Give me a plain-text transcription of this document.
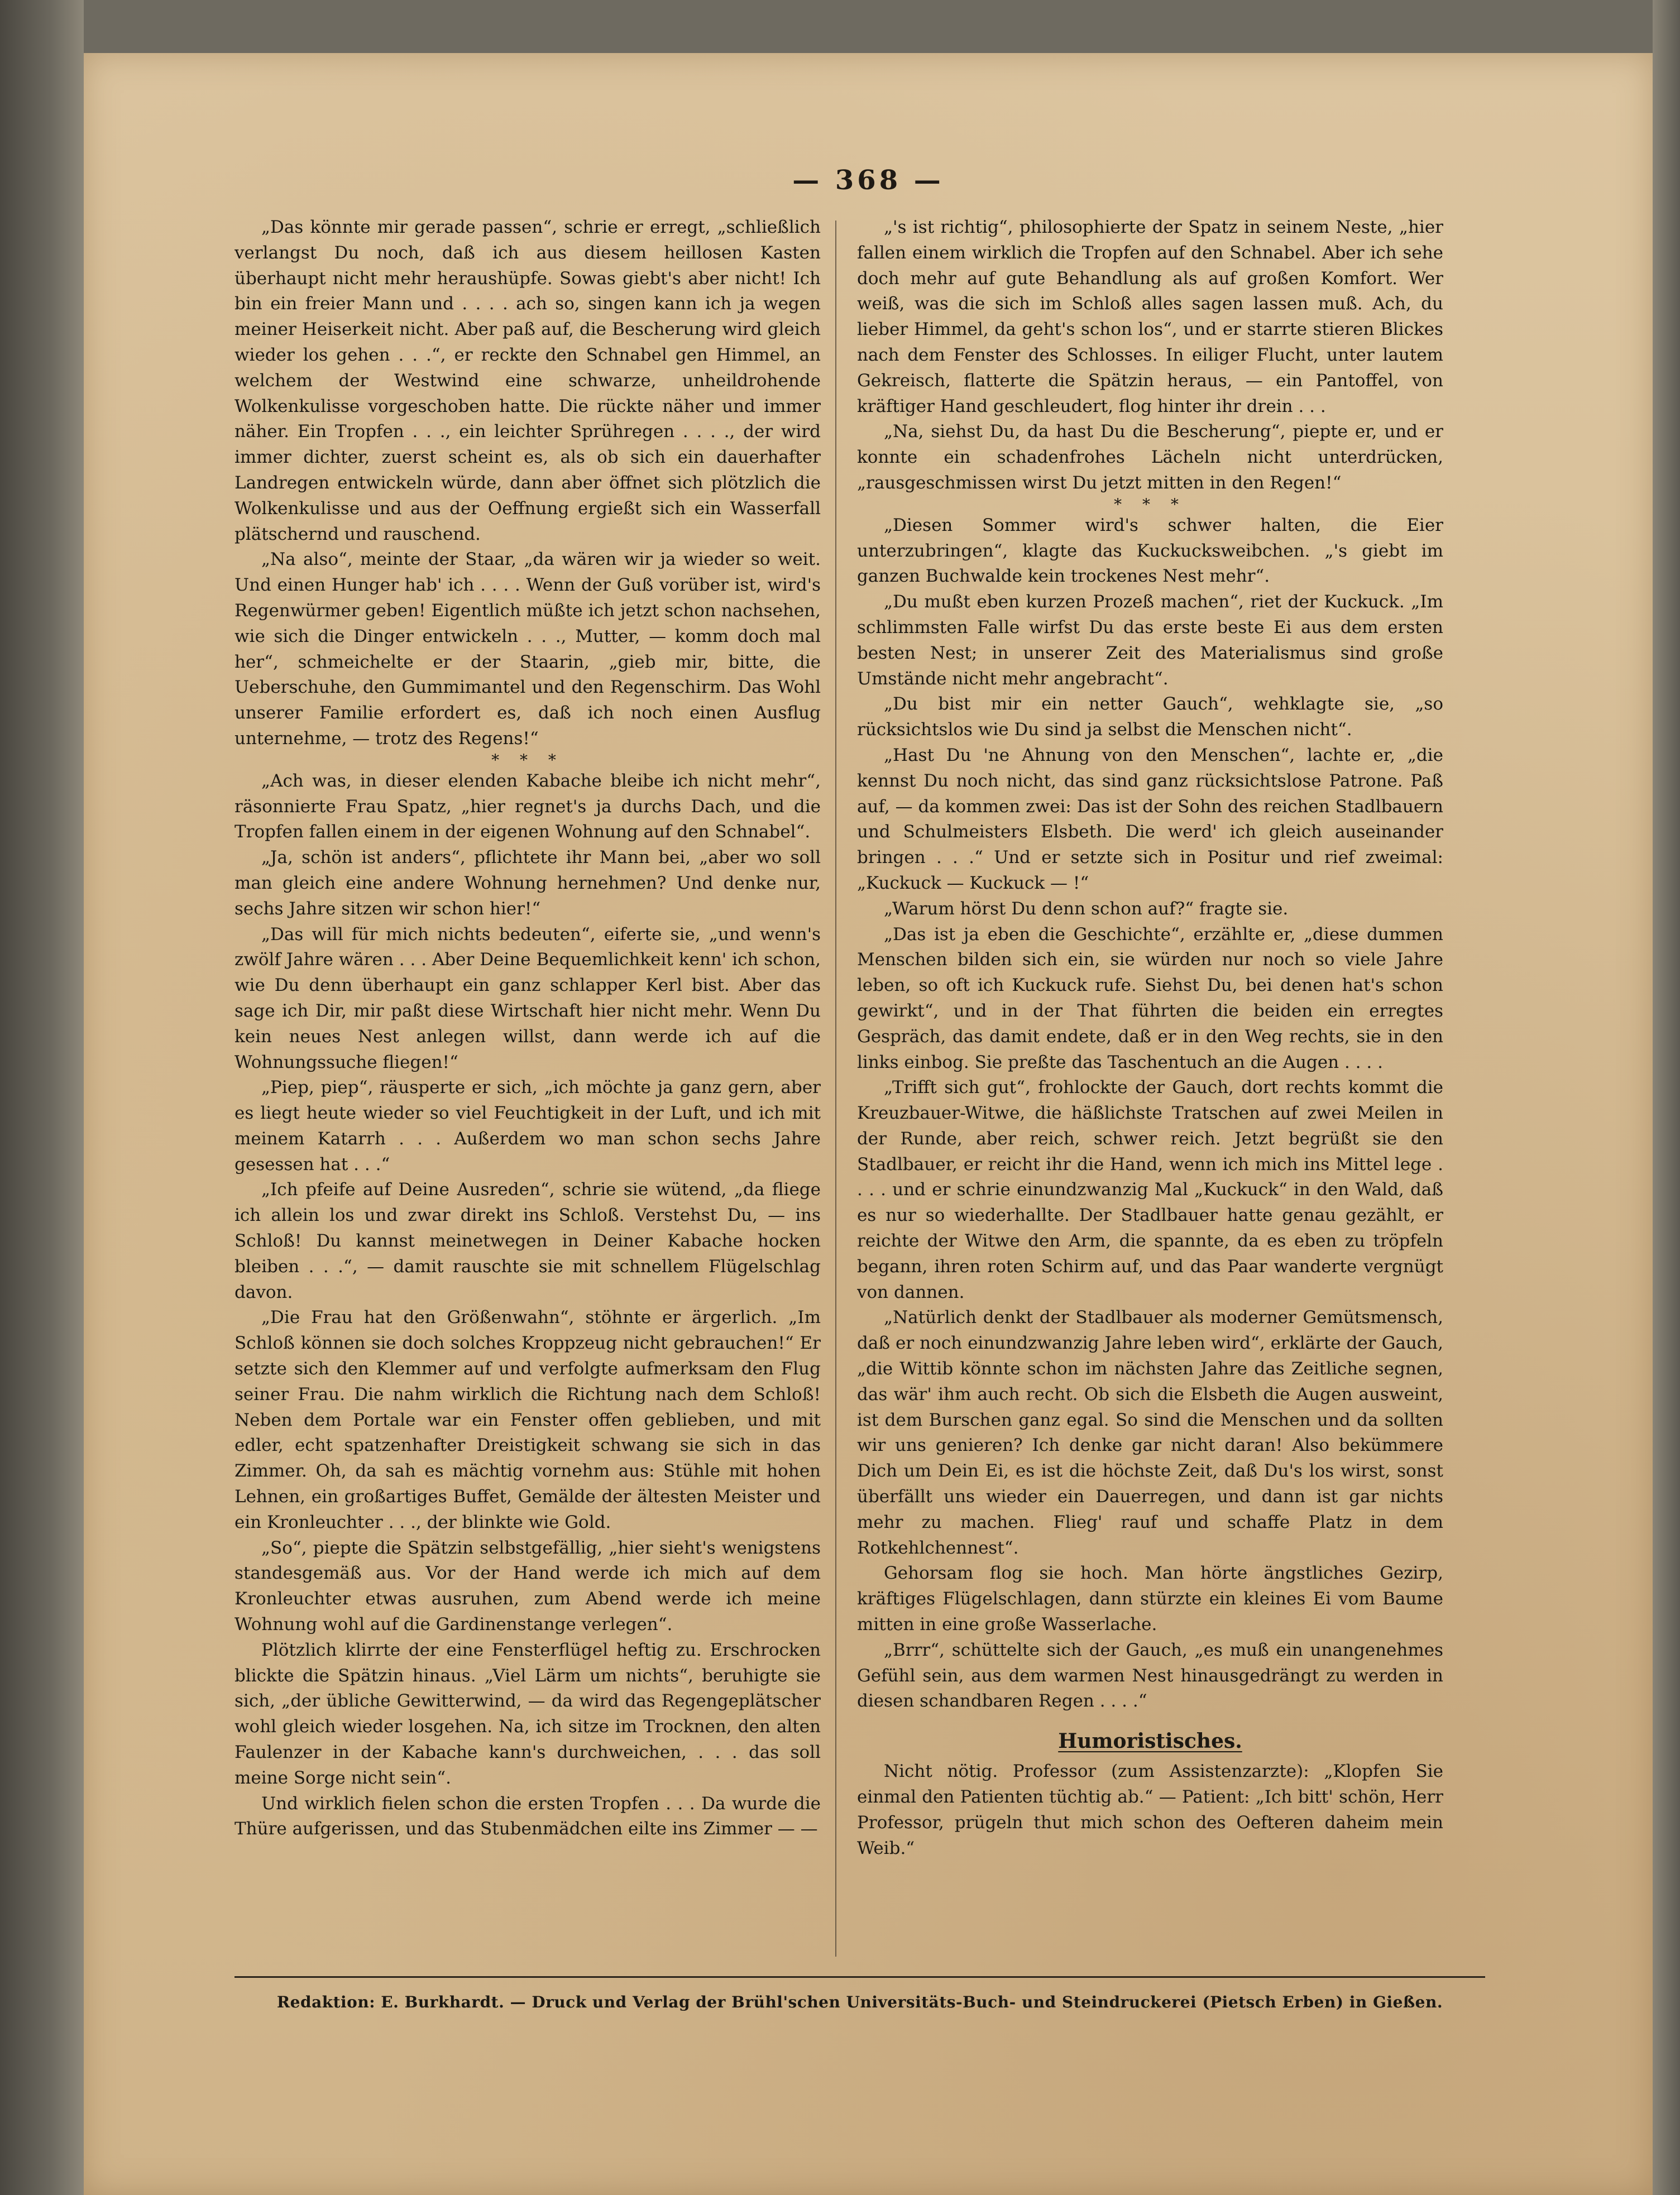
— 368 —

„Das könnte mir gerade passen“, schrie er erregt, „schließlich verlangst Du noch, daß ich aus diesem heillosen Kasten überhaupt nicht mehr heraushüpfe. Sowas giebt's aber nicht! Ich bin ein freier Mann und . . . . ach so, singen kann ich ja wegen meiner Heiserkeit nicht. Aber paß auf, die Bescherung wird gleich wieder los gehen . . .“, er reckte den Schnabel gen Himmel, an welchem der Westwind eine schwarze, unheildrohende Wolkenkulisse vorgeschoben hatte. Die rückte näher und immer näher. Ein Tropfen . . ., ein leichter Sprühregen . . . ., der wird immer dichter, zuerst scheint es, als ob sich ein dauerhafter Landregen entwickeln würde, dann aber öffnet sich plötzlich die Wolkenkulisse und aus der Oeffnung ergießt sich ein Wasserfall plätschernd und rauschend.

„Na also“, meinte der Staar, „da wären wir ja wieder so weit. Und einen Hunger hab' ich . . . . Wenn der Guß vorüber ist, wird's Regenwürmer geben! Eigentlich müßte ich jetzt schon nachsehen, wie sich die Dinger entwickeln . . ., Mutter, — komm doch mal her“, schmeichelte er der Staarin, „gieb mir, bitte, die Ueberschuhe, den Gummimantel und den Regenschirm. Das Wohl unserer Familie erfordert es, daß ich noch einen Ausflug unternehme, — trotz des Regens!“

* * *

„Ach was, in dieser elenden Kabache bleibe ich nicht mehr“, räsonnierte Frau Spatz, „hier regnet's ja durchs Dach, und die Tropfen fallen einem in der eigenen Wohnung auf den Schnabel“.

„Ja, schön ist anders“, pflichtete ihr Mann bei, „aber wo soll man gleich eine andere Wohnung hernehmen? Und denke nur, sechs Jahre sitzen wir schon hier!“

„Das will für mich nichts bedeuten“, eiferte sie, „und wenn's zwölf Jahre wären . . . Aber Deine Bequemlichkeit kenn' ich schon, wie Du denn überhaupt ein ganz schlapper Kerl bist. Aber das sage ich Dir, mir paßt diese Wirtschaft hier nicht mehr. Wenn Du kein neues Nest anlegen willst, dann werde ich auf die Wohnungssuche fliegen!“

„Piep, piep“, räusperte er sich, „ich möchte ja ganz gern, aber es liegt heute wieder so viel Feuchtigkeit in der Luft, und ich mit meinem Katarrh . . . Außerdem wo man schon sechs Jahre gesessen hat . . .“

„Ich pfeife auf Deine Ausreden“, schrie sie wütend, „da fliege ich allein los und zwar direkt ins Schloß. Verstehst Du, — ins Schloß! Du kannst meinetwegen in Deiner Kabache hocken bleiben . . .“, — damit rauschte sie mit schnellem Flügelschlag davon.

„Die Frau hat den Größenwahn“, stöhnte er ärgerlich. „Im Schloß können sie doch solches Kroppzeug nicht gebrauchen!“ Er setzte sich den Klemmer auf und verfolgte aufmerksam den Flug seiner Frau. Die nahm wirklich die Richtung nach dem Schloß! Neben dem Portale war ein Fenster offen geblieben, und mit edler, echt spatzenhafter Dreistigkeit schwang sie sich in das Zimmer. Oh, da sah es mächtig vornehm aus: Stühle mit hohen Lehnen, ein großartiges Buffet, Gemälde der ältesten Meister und ein Kronleuchter . . ., der blinkte wie Gold.

„So“, piepte die Spätzin selbstgefällig, „hier sieht's wenigstens standesgemäß aus. Vor der Hand werde ich mich auf dem Kronleuchter etwas ausruhen, zum Abend werde ich meine Wohnung wohl auf die Gardinenstange verlegen“.

Plötzlich klirrte der eine Fensterflügel heftig zu. Erschrocken blickte die Spätzin hinaus. „Viel Lärm um nichts“, beruhigte sie sich, „der übliche Gewitterwind, — da wird das Regengeplätscher wohl gleich wieder losgehen. Na, ich sitze im Trocknen, den alten Faulenzer in der Kabache kann's durchweichen, . . . das soll meine Sorge nicht sein“.

Und wirklich fielen schon die ersten Tropfen . . . Da wurde die Thüre aufgerissen, und das Stubenmädchen eilte ins Zimmer — —

„'s ist richtig“, philosophierte der Spatz in seinem Neste, „hier fallen einem wirklich die Tropfen auf den Schnabel. Aber ich sehe doch mehr auf gute Behandlung als auf großen Komfort. Wer weiß, was die sich im Schloß alles sagen lassen muß. Ach, du lieber Himmel, da geht's schon los“, und er starrte stieren Blickes nach dem Fenster des Schlosses. In eiliger Flucht, unter lautem Gekreisch, flatterte die Spätzin heraus, — ein Pantoffel, von kräftiger Hand geschleudert, flog hinter ihr drein . . .

„Na, siehst Du, da hast Du die Bescherung“, piepte er, und er konnte ein schadenfrohes Lächeln nicht unterdrücken, „rausgeschmissen wirst Du jetzt mitten in den Regen!“

* * *

„Diesen Sommer wird's schwer halten, die Eier unterzubringen“, klagte das Kuckucksweibchen. „'s giebt im ganzen Buchwalde kein trockenes Nest mehr“.

„Du mußt eben kurzen Prozeß machen“, riet der Kuckuck. „Im schlimmsten Falle wirfst Du das erste beste Ei aus dem ersten besten Nest; in unserer Zeit des Materialismus sind große Umstände nicht mehr angebracht“.

„Du bist mir ein netter Gauch“, wehklagte sie, „so rücksichtslos wie Du sind ja selbst die Menschen nicht“.

„Hast Du 'ne Ahnung von den Menschen“, lachte er, „die kennst Du noch nicht, das sind ganz rücksichtslose Patrone. Paß auf, — da kommen zwei: Das ist der Sohn des reichen Stadlbauern und Schulmeisters Elsbeth. Die werd' ich gleich auseinander bringen . . .“ Und er setzte sich in Positur und rief zweimal: „Kuckuck — Kuckuck — !“

„Warum hörst Du denn schon auf?“ fragte sie.

„Das ist ja eben die Geschichte“, erzählte er, „diese dummen Menschen bilden sich ein, sie würden nur noch so viele Jahre leben, so oft ich Kuckuck rufe. Siehst Du, bei denen hat's schon gewirkt“, und in der That führten die beiden ein erregtes Gespräch, das damit endete, daß er in den Weg rechts, sie in den links einbog. Sie preßte das Taschentuch an die Augen . . . .

„Trifft sich gut“, frohlockte der Gauch, dort rechts kommt die Kreuzbauer-Witwe, die häßlichste Tratschen auf zwei Meilen in der Runde, aber reich, schwer reich. Jetzt begrüßt sie den Stadlbauer, er reicht ihr die Hand, wenn ich mich ins Mittel lege . . . . und er schrie einundzwanzig Mal „Kuckuck“ in den Wald, daß es nur so wiederhallte. Der Stadlbauer hatte genau gezählt, er reichte der Witwe den Arm, die spannte, da es eben zu tröpfeln begann, ihren roten Schirm auf, und das Paar wanderte vergnügt von dannen.

„Natürlich denkt der Stadlbauer als moderner Gemütsmensch, daß er noch einundzwanzig Jahre leben wird“, erklärte der Gauch, „die Wittib könnte schon im nächsten Jahre das Zeitliche segnen, das wär' ihm auch recht. Ob sich die Elsbeth die Augen ausweint, ist dem Burschen ganz egal. So sind die Menschen und da sollten wir uns genieren? Ich denke gar nicht daran! Also bekümmere Dich um Dein Ei, es ist die höchste Zeit, daß Du's los wirst, sonst überfällt uns wieder ein Dauerregen, und dann ist gar nichts mehr zu machen. Flieg' rauf und schaffe Platz in dem Rotkehlchennest“.

Gehorsam flog sie hoch. Man hörte ängstliches Gezirp, kräftiges Flügelschlagen, dann stürzte ein kleines Ei vom Baume mitten in eine große Wasserlache.

„Brrr“, schüttelte sich der Gauch, „es muß ein unangenehmes Gefühl sein, aus dem warmen Nest hinausgedrängt zu werden in diesen schandbaren Regen . . . .“

Humoristisches.

Nicht nötig. Professor (zum Assistenzarzte): „Klopfen Sie einmal den Patienten tüchtig ab.“ — Patient: „Ich bitt' schön, Herr Professor, prügeln thut mich schon des Oefteren daheim mein Weib.“

Redaktion: E. Burkhardt. — Druck und Verlag der Brühl'schen Universitäts-Buch- und Steindruckerei (Pietsch Erben) in Gießen.
